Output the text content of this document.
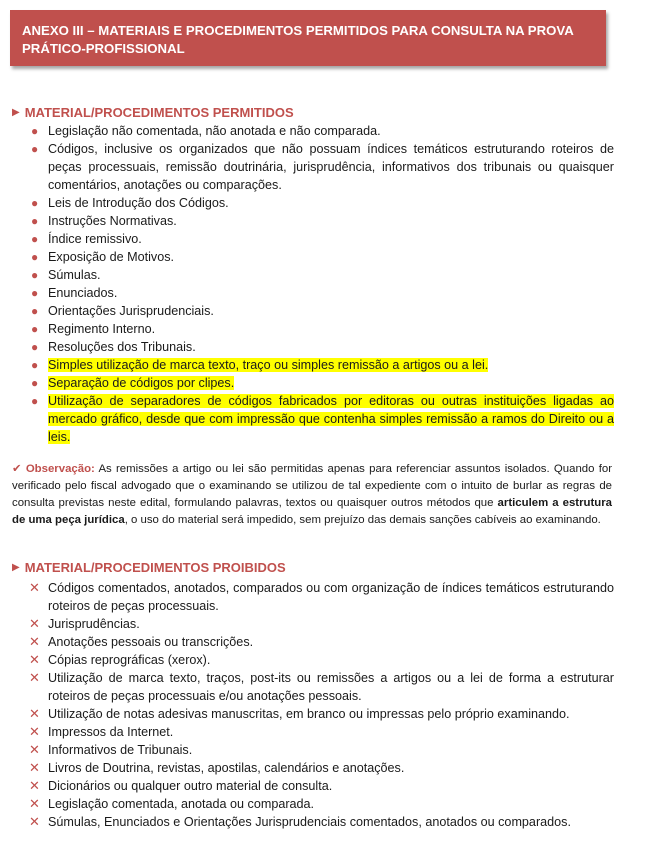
ANEXO III – MATERIAIS E PROCEDIMENTOS PERMITIDOS PARA CONSULTA NA PROVA
PRÁTICO-PROFISSIONAL
▶ MATERIAL/PROCEDIMENTOS PERMITIDOS
● Legislação não comentada, não anotada e não comparada.
● Códigos, inclusive os organizados que não possuam índices temáticos estruturando roteiros de peças processuais, remissão doutrinária, jurisprudência, informativos dos tribunais ou quaisquer comentários, anotações ou comparações.
● Leis de Introdução dos Códigos.
● Instruções Normativas.
● Índice remissivo.
● Exposição de Motivos.
● Súmulas.
● Enunciados.
● Orientações Jurisprudenciais.
● Regimento Interno.
● Resoluções dos Tribunais.
● Simples utilização de marca texto, traço ou simples remissão a artigos ou a lei.
● Separação de códigos por clipes.
● Utilização de separadores de códigos fabricados por editoras ou outras instituições ligadas ao mercado gráfico, desde que com impressão que contenha simples remissão a ramos do Direito ou a leis.
✔ Observação: As remissões a artigo ou lei são permitidas apenas para referenciar assuntos isolados. Quando for verificado pelo fiscal advogado que o examinando se utilizou de tal expediente com o intuito de burlar as regras de consulta previstas neste edital, formulando palavras, textos ou quaisquer outros métodos que articulem a estrutura de uma peça jurídica, o uso do material será impedido, sem prejuízo das demais sanções cabíveis ao examinando.
▶ MATERIAL/PROCEDIMENTOS PROIBIDOS
✕ Códigos comentados, anotados, comparados ou com organização de índices temáticos estruturando roteiros de peças processuais.
✕ Jurisprudências.
✕ Anotações pessoais ou transcrições.
✕ Cópias reprográficas (xerox).
✕ Utilização de marca texto, traços, post-its ou remissões a artigos ou a lei de forma a estruturar roteiros de peças processuais e/ou anotações pessoais.
✕ Utilização de notas adesivas manuscritas, em branco ou impressas pelo próprio examinando.
✕ Impressos da Internet.
✕ Informativos de Tribunais.
✕ Livros de Doutrina, revistas, apostilas, calendários e anotações.
✕ Dicionários ou qualquer outro material de consulta.
✕ Legislação comentada, anotada ou comparada.
✕ Súmulas, Enunciados e Orientações Jurisprudenciais comentados, anotados ou comparados.
